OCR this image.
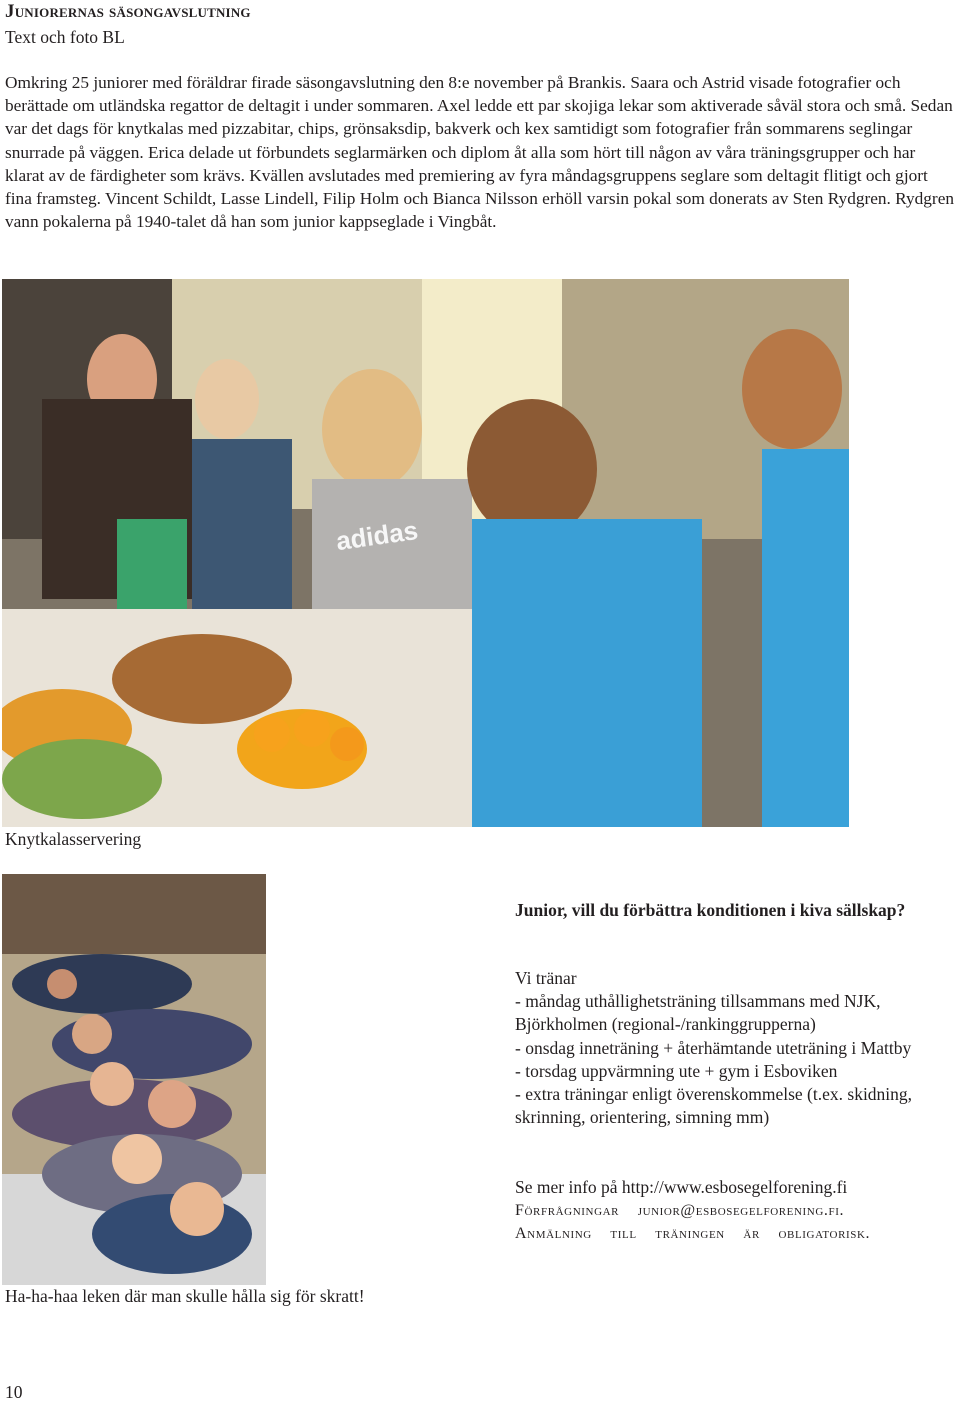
Juniorernas säsongavslutning
Text och foto BL
Omkring 25 juniorer med föräldrar firade säsongavslutning den 8:e november på Brankis. Saara och Astrid visade fotografier och berättade om utländska regattor de deltagit i under sommaren. Axel ledde ett par skojiga lekar som aktiverade såväl stora och små. Sedan var det dags för knytkalas med pizzabitar, chips, grönsaksdip, bakverk och kex samtidigt som fotografier från sommarens seglingar snurrade på väggen. Erica delade ut förbundets seglarmärken och diplom åt alla som hört till någon av våra träningsgrupper och har klarat av de färdigheter som krävs. Kvällen avslutades med premiering av fyra måndagsgruppens seglare som deltagit flitigt och gjort fina framsteg. Vincent Schildt, Lasse Lindell, Filip Holm och Bianca Nilsson erhöll varsin pokal som donerats av Sten Rydgren. Rydgren vann pokalerna på 1940-talet då han som junior kappseglade i Vingbåt.
adidas
Knytkalasservering
Ha-ha-haa leken där man skulle hålla sig för skratt!
Junior, vill du förbättra konditionen i kiva sällskap?
Vi tränar
- måndag uthållighetsträning tillsammans med NJK, Björkholmen (regional-/rankinggrupperna)
- onsdag inneträning + återhämtande uteträning i Mattby
- torsdag uppvärmning ute + gym i Esboviken
- extra träningar enligt överenskommelse (t.ex. skidning, skrinning, orientering, simning mm)
Se mer info på http://www.esbosegelforening.fi
Förfrågningar junior@esbosegelforening.fi.
Anmälning till träningen är obligatorisk.
10
